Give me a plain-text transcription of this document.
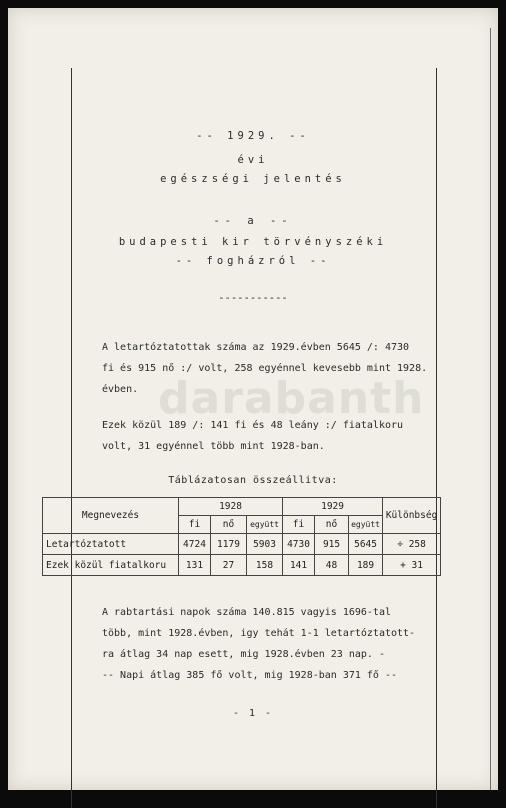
-- 1929. --
évi
egészségi jelentés
-- a --
budapesti kir törvényszéki
-- fogházról --
-----------
A letartóztatottak száma az 1929.évben 5645 /: 4730
fi és 915 nő :/ volt, 258 egyénnel kevesebb mint 1928.
évben.
Ezek közül 189 /: 141 fi és 48 leány :/ fiatalkoru
volt, 31 egyénnel több mint 1928-ban.
Táblázatosan összeállitva:
Megnevezés	1928			1929			Különbség
	fi	nő	együtt	fi	nő	együtt	
Letartóztatott	4724	1179	5903	4730	915	5645	÷ 258
Ezek közül fiatalkoru	131	27	158	141	48	189	+ 31
A rabtartási napok száma 140.815 vagyis 1696-tal
több, mint 1928.évben, igy tehát 1-1 letartóztatott-
ra átlag 34 nap esett, mig 1928.évben 23 nap. -
-- Napi átlag 385 fő volt, mig 1928-ban 371 fő --
- 1 -
darabanth
